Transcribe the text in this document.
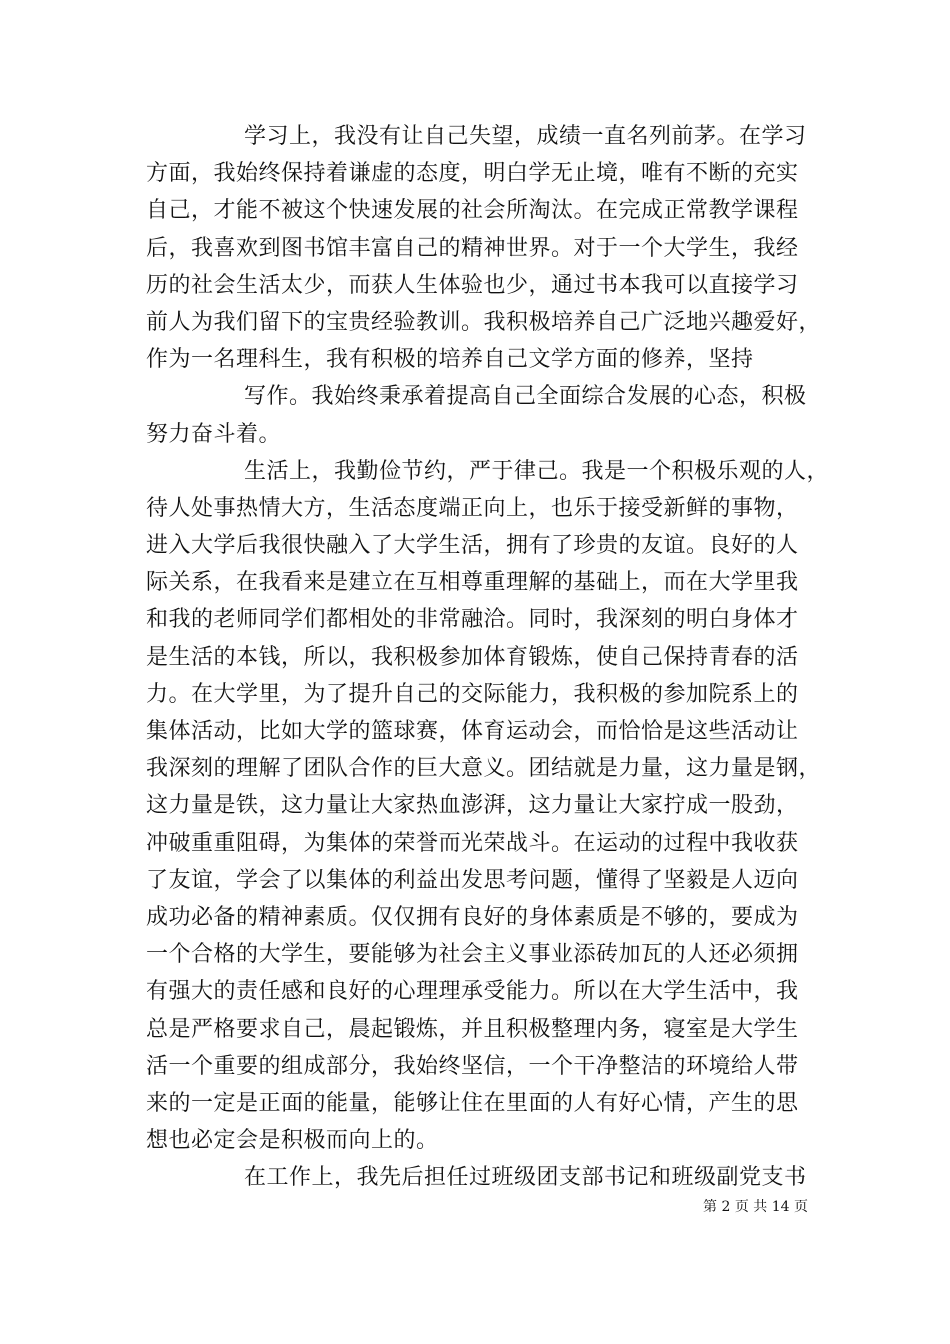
学习上，我没有让自己失望，成绩一直名列前茅。在学习
方面，我始终保持着谦虚的态度，明白学无止境，唯有不断的充实
自己，才能不被这个快速发展的社会所淘汰。在完成正常教学课程
后，我喜欢到图书馆丰富自己的精神世界。对于一个大学生，我经
历的社会生活太少，而获人生体验也少，通过书本我可以直接学习
前人为我们留下的宝贵经验教训。我积极培养自己广泛地兴趣爱好，
作为一名理科生，我有积极的培养自己文学方面的修养，坚持
写作。我始终秉承着提高自己全面综合发展的心态，积极
努力奋斗着。
生活上，我勤俭节约，严于律己。我是一个积极乐观的人，
待人处事热情大方，生活态度端正向上，也乐于接受新鲜的事物，
进入大学后我很快融入了大学生活，拥有了珍贵的友谊。良好的人
际关系，在我看来是建立在互相尊重理解的基础上，而在大学里我
和我的老师同学们都相处的非常融洽。同时，我深刻的明白身体才
是生活的本钱，所以，我积极参加体育锻炼，使自己保持青春的活
力。在大学里，为了提升自己的交际能力，我积极的参加院系上的
集体活动，比如大学的篮球赛，体育运动会，而恰恰是这些活动让
我深刻的理解了团队合作的巨大意义。团结就是力量，这力量是钢，
这力量是铁，这力量让大家热血澎湃，这力量让大家拧成一股劲，
冲破重重阻碍，为集体的荣誉而光荣战斗。在运动的过程中我收获
了友谊，学会了以集体的利益出发思考问题，懂得了坚毅是人迈向
成功必备的精神素质。仅仅拥有良好的身体素质是不够的，要成为
一个合格的大学生，要能够为社会主义事业添砖加瓦的人还必须拥
有强大的责任感和良好的心理理承受能力。所以在大学生活中，我
总是严格要求自己，晨起锻炼，并且积极整理内务，寝室是大学生
活一个重要的组成部分，我始终坚信，一个干净整洁的环境给人带
来的一定是正面的能量，能够让住在里面的人有好心情，产生的思
想也必定会是积极而向上的。
在工作上，我先后担任过班级团支部书记和班级副党支书
第 2 页 共 14 页
